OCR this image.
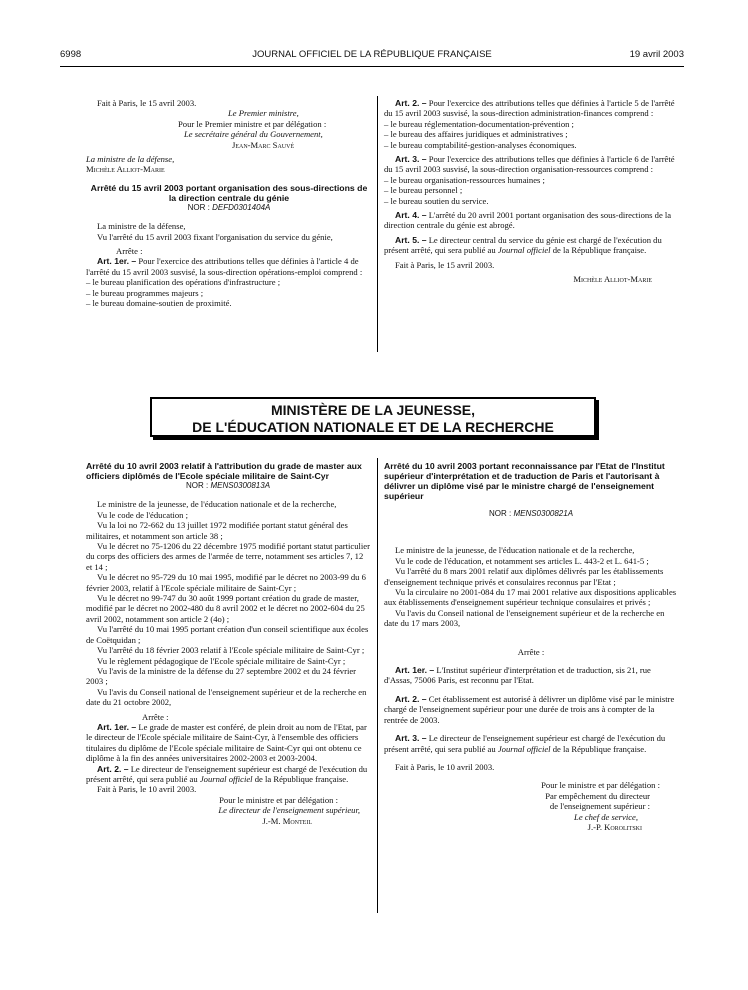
6998	JOURNAL OFFICIEL DE LA RÉPUBLIQUE FRANÇAISE	19 avril 2003

Fait à Paris, le 15 avril 2003.

Le Premier ministre,

Pour le Premier ministre et par délégation :

Le secrétaire général du Gouvernement,

Jean-Marc Sauvé

La ministre de la défense,

Michèle Alliot-Marie

Arrêté du 15 avril 2003 portant organisation des sous-directions de la direction centrale du génie

NOR : DEFD0301404A

La ministre de la défense,

Vu l'arrêté du 15 avril 2003 fixant l'organisation du service du génie,

Arrête :

Art. 1er. – Pour l'exercice des attributions telles que définies à l'article 4 de l'arrêté du 15 avril 2003 susvisé, la sous-direction opérations-emploi comprend :

– le bureau planification des opérations d'infrastructure ;

– le bureau programmes majeurs ;

– le bureau domaine-soutien de proximité.

Art. 2. – Pour l'exercice des attributions telles que définies à l'article 5 de l'arrêté du 15 avril 2003 susvisé, la sous-direction administration-finances comprend :

– le bureau réglementation-documentation-prévention ;

– le bureau des affaires juridiques et administratives ;

– le bureau comptabilité-gestion-analyses économiques.

Art. 3. – Pour l'exercice des attributions telles que définies à l'article 6 de l'arrêté du 15 avril 2003 susvisé, la sous-direction organisation-ressources comprend :

– le bureau organisation-ressources humaines ;

– le bureau personnel ;

– le bureau soutien du service.

Art. 4. – L'arrêté du 20 avril 2001 portant organisation des sous-directions de la direction centrale du génie est abrogé.

Art. 5. – Le directeur central du service du génie est chargé de l'exécution du présent arrêté, qui sera publié au Journal officiel de la République française.

Fait à Paris, le 15 avril 2003.

Michèle Alliot-Marie

MINISTÈRE DE LA JEUNESSE,
DE L'ÉDUCATION NATIONALE ET DE LA RECHERCHE

Arrêté du 10 avril 2003 relatif à l'attribution du grade de master aux officiers diplômés de l'Ecole spéciale militaire de Saint-Cyr

NOR : MENS0300813A

Le ministre de la jeunesse, de l'éducation nationale et de la recherche,

Vu le code de l'éducation ;

Vu la loi no 72-662 du 13 juillet 1972 modifiée portant statut général des militaires, et notamment son article 38 ;

Vu le décret no 75-1206 du 22 décembre 1975 modifié portant statut particulier du corps des officiers des armes de l'armée de terre, notamment ses articles 7, 12 et 14 ;

Vu le décret no 95-729 du 10 mai 1995, modifié par le décret no 2003-99 du 6 février 2003, relatif à l'Ecole spéciale militaire de Saint-Cyr ;

Vu le décret no 99-747 du 30 août 1999 portant création du grade de master, modifié par le décret no 2002-480 du 8 avril 2002 et le décret no 2002-604 du 25 avril 2002, notamment son article 2 (4o) ;

Vu l'arrêté du 10 mai 1995 portant création d'un conseil scientifique aux écoles de Coëtquidan ;

Vu l'arrêté du 18 février 2003 relatif à l'Ecole spéciale militaire de Saint-Cyr ;

Vu le règlement pédagogique de l'Ecole spéciale militaire de Saint-Cyr ;

Vu l'avis de la ministre de la défense du 27 septembre 2002 et du 24 février 2003 ;

Vu l'avis du Conseil national de l'enseignement supérieur et de la recherche en date du 21 octobre 2002,

Arrête :

Art. 1er. – Le grade de master est conféré, de plein droit au nom de l'Etat, par le directeur de l'Ecole spéciale militaire de Saint-Cyr, à l'ensemble des officiers titulaires du diplôme de l'Ecole spéciale militaire de Saint-Cyr qui ont obtenu ce diplôme à la fin des années universitaires 2002-2003 et 2003-2004.

Art. 2. – Le directeur de l'enseignement supérieur est chargé de l'exécution du présent arrêté, qui sera publié au Journal officiel de la République française.

Fait à Paris, le 10 avril 2003.

Pour le ministre et par délégation :

Le directeur de l'enseignement supérieur,

J.-M. Monteil

Arrêté du 10 avril 2003 portant reconnaissance par l'Etat de l'Institut supérieur d'interprétation et de traduction de Paris et l'autorisant à délivrer un diplôme visé par le ministre chargé de l'enseignement supérieur

NOR : MENS0300821A

Le ministre de la jeunesse, de l'éducation nationale et de la recherche,

Vu le code de l'éducation, et notamment ses articles L. 443-2 et L. 641-5 ;

Vu l'arrêté du 8 mars 2001 relatif aux diplômes délivrés par les établissements d'enseignement technique privés et consulaires reconnus par l'Etat ;

Vu la circulaire no 2001-084 du 17 mai 2001 relative aux dispositions applicables aux établissements d'enseignement supérieur technique consulaires et privés ;

Vu l'avis du Conseil national de l'enseignement supérieur et de la recherche en date du 17 mars 2003,

Arrête :

Art. 1er. – L'Institut supérieur d'interprétation et de traduction, sis 21, rue d'Assas, 75006 Paris, est reconnu par l'Etat.

Art. 2. – Cet établissement est autorisé à délivrer un diplôme visé par le ministre chargé de l'enseignement supérieur pour une durée de trois ans à compter de la rentrée de 2003.

Art. 3. – Le directeur de l'enseignement supérieur est chargé de l'exécution du présent arrêté, qui sera publié au Journal officiel de la République française.

Fait à Paris, le 10 avril 2003.

Pour le ministre et par délégation :

Par empêchement du directeur

de l'enseignement supérieur :

Le chef de service,

J.-P. Korolitski
